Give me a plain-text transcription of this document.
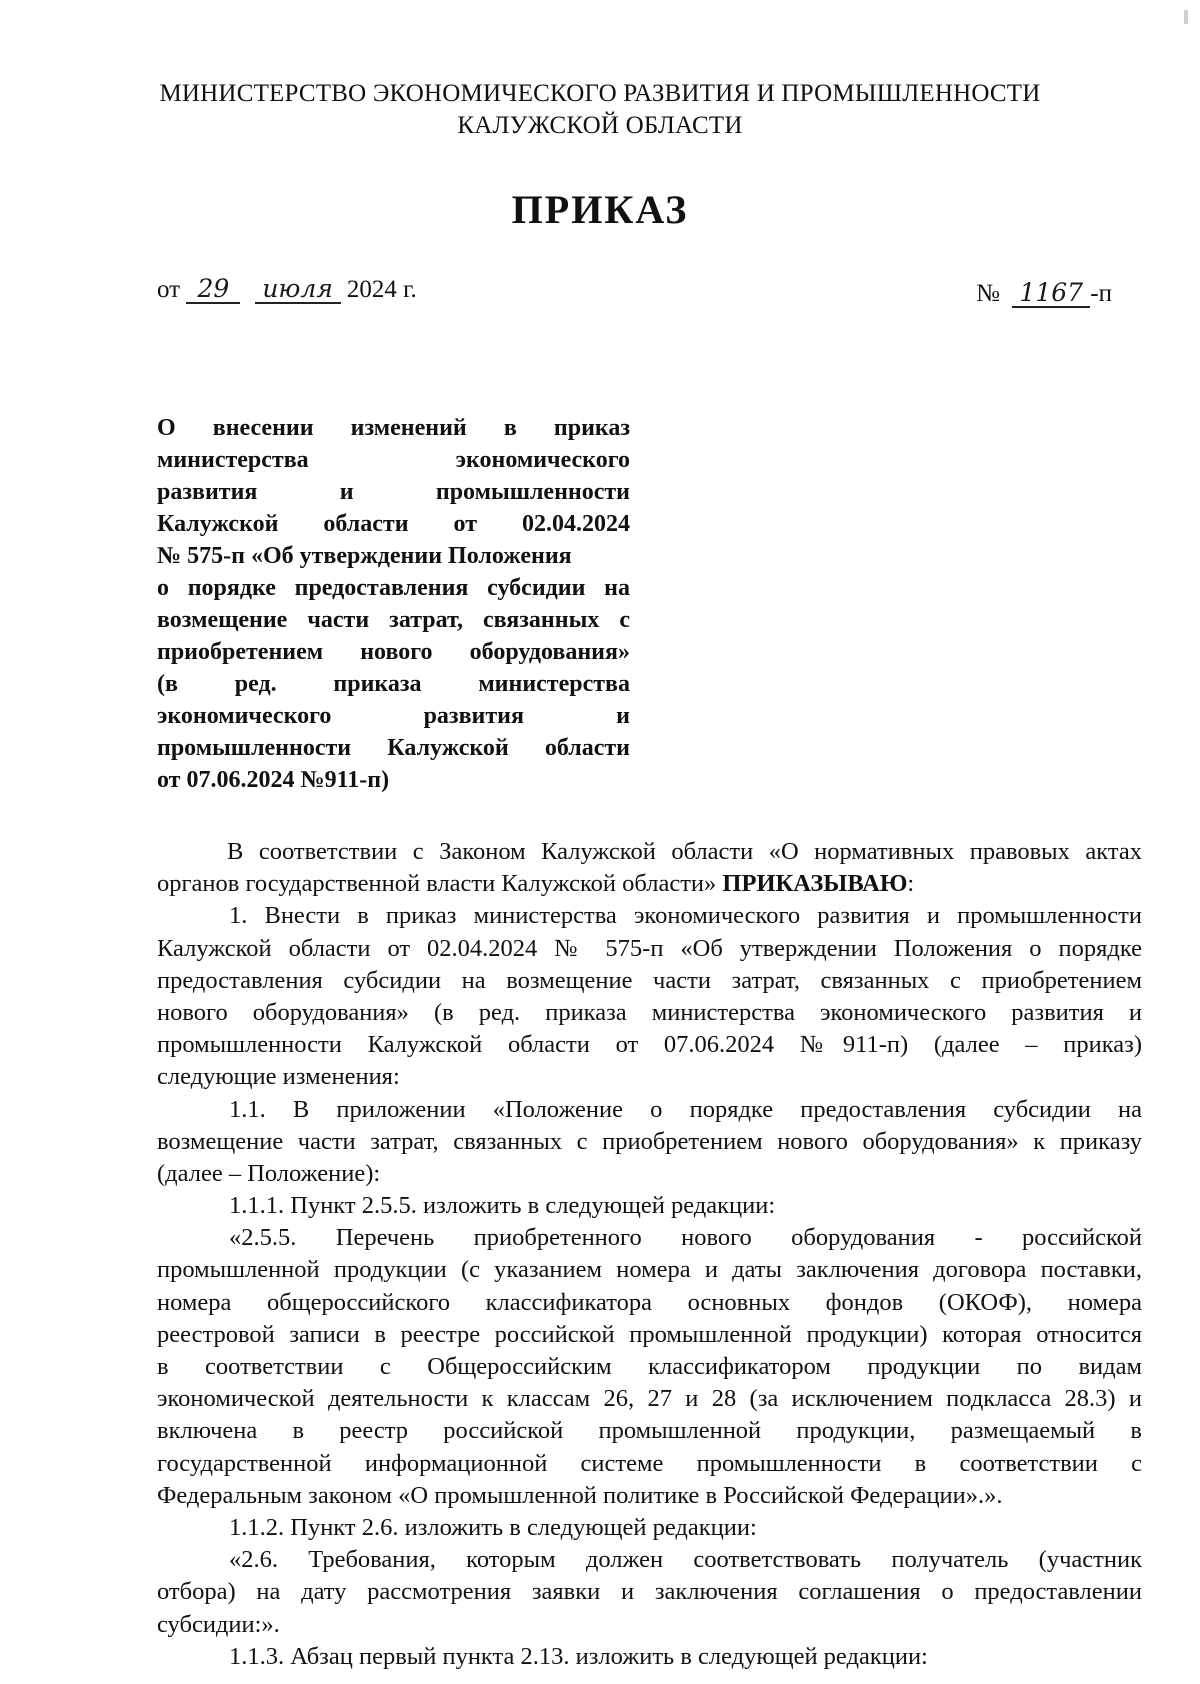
МИНИСТЕРСТВО ЭКОНОМИЧЕСКОГО РАЗВИТИЯ И ПРОМЫШЛЕННОСТИ
КАЛУЖСКОЙ ОБЛАСТИ
ПРИКАЗ
от 29 июля 2024 г.	№ 1167 -п
О внесении изменений в приказ
министерства экономического
развития и промышленности
Калужской области от 02.04.2024
№ 575-п «Об утверждении Положения
о порядке предоставления субсидии на
возмещение части затрат, связанных с
приобретением нового оборудования»
(в ред. приказа министерства
экономического развития и
промышленности Калужской области
от 07.06.2024 №911-п)
В соответствии с Законом Калужской области «О нормативных правовых актах
органов государственной власти Калужской области» ПРИКАЗЫВАЮ:
1. Внести в приказ министерства экономического развития и промышленности
Калужской области от 02.04.2024 № 575-п «Об утверждении Положения о порядке
предоставления субсидии на возмещение части затрат, связанных с приобретением
нового оборудования» (в ред. приказа министерства экономического развития и
промышленности Калужской области от 07.06.2024 №911-п) (далее – приказ)
следующие изменения:
1.1. В приложении «Положение о порядке предоставления субсидии на
возмещение части затрат, связанных с приобретением нового оборудования» к приказу
(далее – Положение):
1.1.1. Пункт 2.5.5. изложить в следующей редакции:
«2.5.5. Перечень приобретенного нового оборудования - российской
промышленной продукции (с указанием номера и даты заключения договора поставки,
номера общероссийского классификатора основных фондов (ОКОФ), номера
реестровой записи в реестре российской промышленной продукции) которая относится
в соответствии с Общероссийским классификатором продукции по видам
экономической деятельности к классам 26, 27 и 28 (за исключением подкласса 28.3) и
включена в реестр российской промышленной продукции, размещаемый в
государственной информационной системе промышленности в соответствии с
Федеральным законом «О промышленной политике в Российской Федерации».».
1.1.2. Пункт 2.6. изложить в следующей редакции:
«2.6. Требования, которым должен соответствовать получатель (участник
отбора) на дату рассмотрения заявки и заключения соглашения о предоставлении
субсидии:».
1.1.3. Абзац первый пункта 2.13. изложить в следующей редакции:
